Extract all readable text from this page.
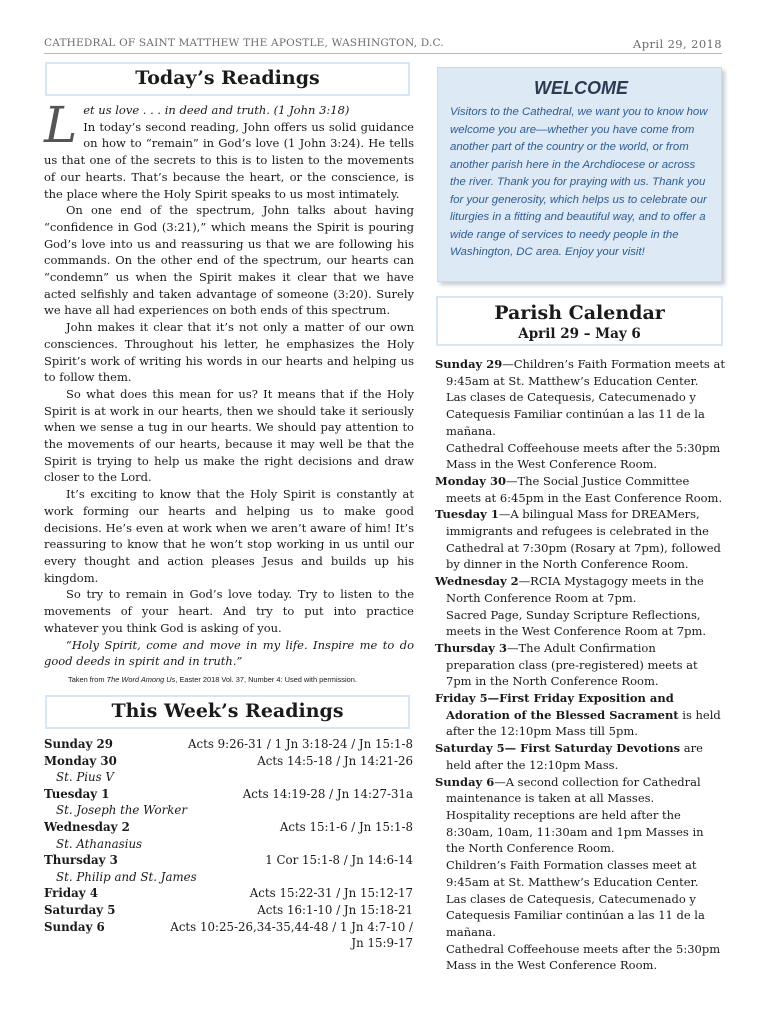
CATHEDRAL OF SAINT MATTHEW THE APOSTLE, WASHINGTON, D.C.	April 29, 2018
Today’s Readings

L et us love . . . in deed and truth. (1 John 3:18)
In today’s second reading, John offers us solid guidance on how to “remain” in God’s love (1 John 3:24). He tells us that one of the secrets to this is to listen to the movements of our hearts. That’s because the heart, or the conscience, is the place where the Holy Spirit speaks to us most intimately.

On one end of the spectrum, John talks about having “confidence in God (3:21),” which means the Spirit is pouring God’s love into us and reassuring us that we are following his commands. On the other end of the spectrum, our hearts can “condemn” us when the Spirit makes it clear that we have acted selfishly and taken advantage of someone (3:20). Surely we have all had experiences on both ends of this spectrum.

John makes it clear that it’s not only a matter of our own consciences. Throughout his letter, he emphasizes the Holy Spirit’s work of writing his words in our hearts and helping us to follow them.

So what does this mean for us? It means that if the Holy Spirit is at work in our hearts, then we should take it seriously when we sense a tug in our hearts. We should pay attention to the movements of our hearts, because it may well be that the Spirit is trying to help us make the right decisions and draw closer to the Lord.

It’s exciting to know that the Holy Spirit is constantly at work forming our hearts and helping us to make good decisions. He’s even at work when we aren’t aware of him! It’s reassuring to know that he won’t stop working in us until our every thought and action pleases Jesus and builds up his kingdom.

So try to remain in God’s love today. Try to listen to the movements of your heart. And try to put into practice whatever you think God is asking of you.

“Holy Spirit, come and move in my life. Inspire me to do good deeds in spirit and in truth.”

Taken from The Word Among Us, Easter 2018 Vol. 37, Number 4: Used with permission.
WELCOME

Visitors to the Cathedral, we want you to know how welcome you are—whether you have come from another part of the country or the world, or from another parish here in the Archdiocese or across the river. Thank you for praying with us. Thank you for your generosity, which helps us to celebrate our liturgies in a fitting and beautiful way, and to offer a wide range of services to needy people in the Washington, DC area. Enjoy your visit!

Parish Calendar
April 29 – May 6
Sunday 29—Children’s Faith Formation meets at 9:45am at St. Matthew’s Education Center.
Las clases de Catequesis, Catecumenado y Catequesis Familiar continúan a las 11 de la mañana.
Cathedral Coffeehouse meets after the 5:30pm Mass in the West Conference Room.
Monday 30—The Social Justice Committee meets at 6:45pm in the East Conference Room.
Tuesday 1—A bilingual Mass for DREAMers, immigrants and refugees is celebrated in the Cathedral at 7:30pm (Rosary at 7pm), followed by dinner in the North Conference Room.
Wednesday 2—RCIA Mystagogy meets in the North Conference Room at 7pm.
Sacred Page, Sunday Scripture Reflections, meets in the West Conference Room at 7pm.
Thursday 3—The Adult Confirmation preparation class (pre-registered) meets at 7pm in the North Conference Room.
Friday 5—First Friday Exposition and Adoration of the Blessed Sacrament is held after the 12:10pm Mass till 5pm.
Saturday 5— First Saturday Devotions are held after the 12:10pm Mass.
Sunday 6—A second collection for Cathedral maintenance is taken at all Masses.
Hospitality receptions are held after the 8:30am, 10am, 11:30am and 1pm Masses in the North Conference Room.
Children’s Faith Formation classes meet at 9:45am at St. Matthew’s Education Center.
Las clases de Catequesis, Catecumenado y Catequesis Familiar continúan a las 11 de la mañana.
Cathedral Coffeehouse meets after the 5:30pm Mass in the West Conference Room.
This Week’s Readings
Sunday 29	Acts 9:26-31 / 1 Jn 3:18-24 / Jn 15:1-8
Monday 30	Acts 14:5-18 / Jn 14:21-26
St. Pius V
Tuesday 1	Acts 14:19-28 / Jn 14:27-31a
St. Joseph the Worker
Wednesday 2	Acts 15:1-6 / Jn 15:1-8
St. Athanasius
Thursday 3	1 Cor 15:1-8 / Jn 14:6-14
St. Philip and St. James
Friday 4	Acts 15:22-31 / Jn 15:12-17
Saturday 5	Acts 16:1-10 / Jn 15:18-21
Sunday 6	Acts 10:25-26,34-35,44-48 / 1 Jn 4:7-10 /
Jn 15:9-17
